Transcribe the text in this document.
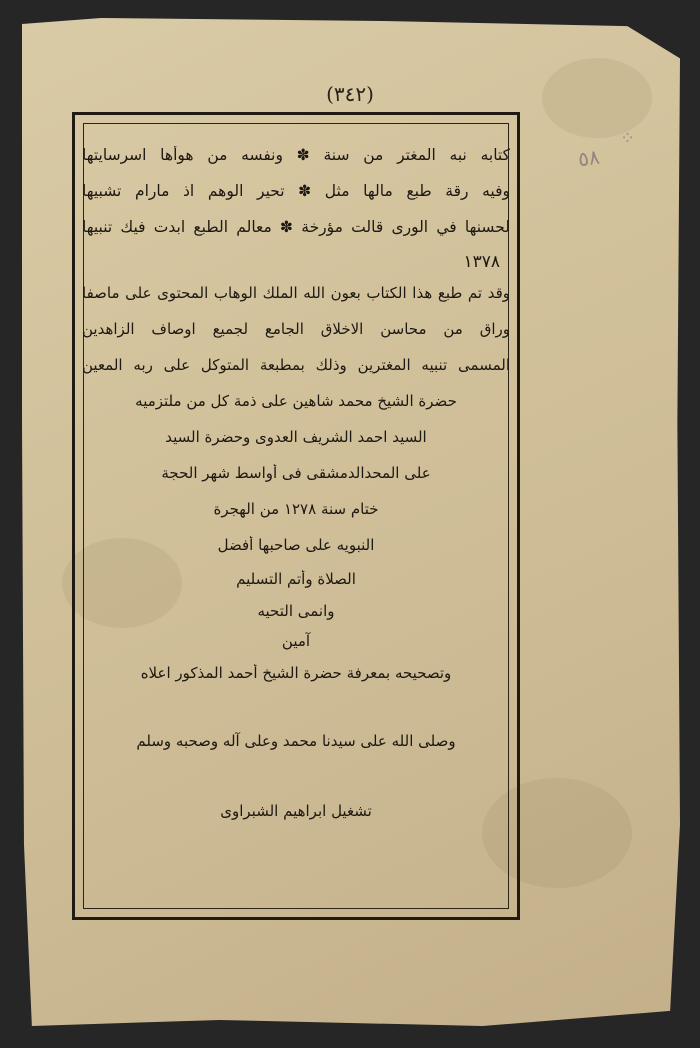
(٣٤٢)
٥٨
⁘
كتابه نبه المغتر من سنة ✽ ونفسه من هوأها اسرسايتها
وفيه رقة طبع مالها مثل ✽ تحير الوهم اذ مارام تشبيها
لحسنها في الورى قالت مؤرخة ✽ معالم الطبع ابدت فيك تنبيها
١٣٧٨
وقد تم طبع هذا الكتاب بعون الله الملك الوهاب المحتوى على ماصفا
وراق من محاسن الاخلاق الجامع لجميع اوصاف الزاهدين
المسمى تنبيه المغترين وذلك بمطبعة المتوكل على ربه المعين
حضرة الشيخ محمد شاهين على ذمة كل من ملتزميه
السيد احمد الشريف العدوى وحضرة السيد
على المحدالدمشقى فى أواسط شهر الحجة
ختام سنة ١٢٧٨ من الهجرة
النبويه على صاحبها أفضل
الصلاة وأتم التسليم
وانمى التحيه
آمين
وتصحيحه بمعرفة حضرة الشيخ أحمد المذكور اعلاه
وصلى الله على سيدنا محمد وعلى آله وصحبه وسلم
تشغيل ابراهيم الشبراوى
